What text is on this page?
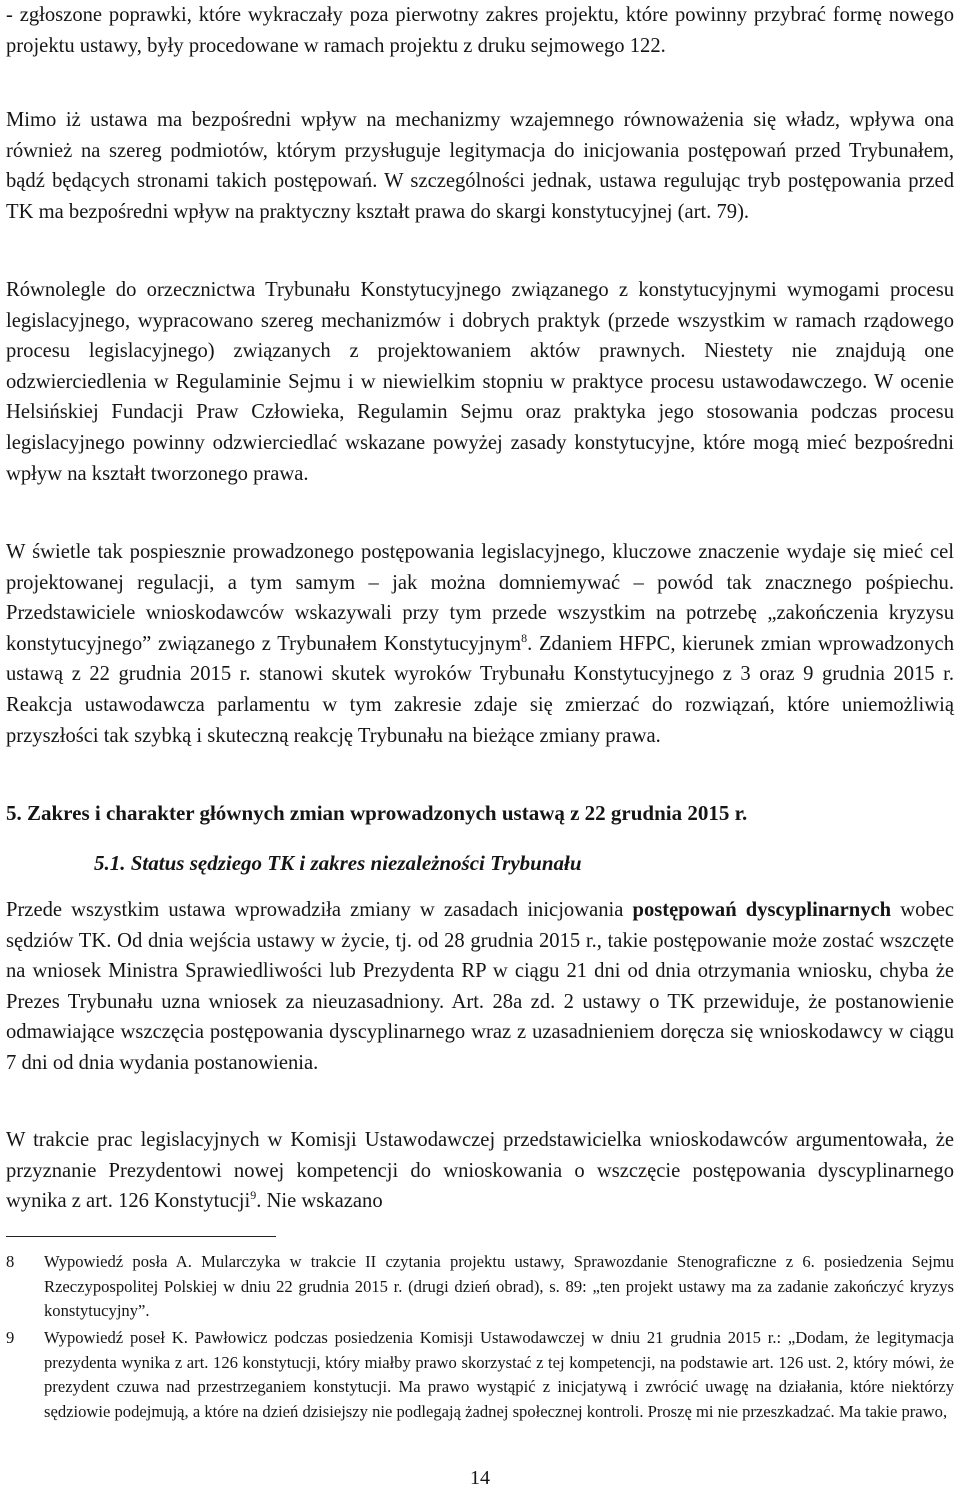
- zgłoszone poprawki, które wykraczały poza pierwotny zakres projektu, które powinny przybrać formę nowego projektu ustawy, były procedowane w ramach projektu z druku sejmowego 122.
Mimo iż ustawa ma bezpośredni wpływ na mechanizmy wzajemnego równoważenia się władz, wpływa ona również na szereg podmiotów, którym przysługuje legitymacja do inicjowania postępowań przed Trybunałem, bądź będących stronami takich postępowań. W szczególności jednak, ustawa regulując tryb postępowania przed TK ma bezpośredni wpływ na praktyczny kształt prawa do skargi konstytucyjnej (art. 79).
Równolegle do orzecznictwa Trybunału Konstytucyjnego związanego z konstytucyjnymi wymogami procesu legislacyjnego, wypracowano szereg mechanizmów i dobrych praktyk (przede wszystkim w ramach rządowego procesu legislacyjnego) związanych z projektowaniem aktów prawnych. Niestety nie znajdują one odzwierciedlenia w Regulaminie Sejmu i w niewielkim stopniu w praktyce procesu ustawodawczego. W ocenie Helsińskiej Fundacji Praw Człowieka, Regulamin Sejmu oraz praktyka jego stosowania podczas procesu legislacyjnego powinny odzwierciedlać wskazane powyżej zasady konstytucyjne, które mogą mieć bezpośredni wpływ na kształt tworzonego prawa.
W świetle tak pospiesznie prowadzonego postępowania legislacyjnego, kluczowe znaczenie wydaje się mieć cel projektowanej regulacji, a tym samym – jak można domniemywać – powód tak znacznego pośpiechu. Przedstawiciele wnioskodawców wskazywali przy tym przede wszystkim na potrzebę „zakończenia kryzysu konstytucyjnego” związanego z Trybunałem Konstytucyjnym$^8$. Zdaniem HFPC, kierunek zmian wprowadzonych ustawą z 22 grudnia 2015 r. stanowi skutek wyroków Trybunału Konstytucyjnego z 3 oraz 9 grudnia 2015 r. Reakcja ustawodawcza parlamentu w tym zakresie zdaje się zmierzać do rozwiązań, które uniemożliwią przyszłości tak szybką i skuteczną reakcję Trybunału na bieżące zmiany prawa.
5. Zakres i charakter głównych zmian wprowadzonych ustawą z 22 grudnia 2015 r.
5.1. Status sędziego TK i zakres niezależności Trybunału
Przede wszystkim ustawa wprowadziła zmiany w zasadach inicjowania postępowań dyscyplinarnych wobec sędziów TK. Od dnia wejścia ustawy w życie, tj. od 28 grudnia 2015 r., takie postępowanie może zostać wszczęte na wniosek Ministra Sprawiedliwości lub Prezydenta RP w ciągu 21 dni od dnia otrzymania wniosku, chyba że Prezes Trybunału uzna wniosek za nieuzasadniony. Art. 28a zd. 2 ustawy o TK przewiduje, że postanowienie odmawiające wszczęcia postępowania dyscyplinarnego wraz z uzasadnieniem doręcza się wnioskodawcy w ciągu 7 dni od dnia wydania postanowienia.
W trakcie prac legislacyjnych w Komisji Ustawodawczej przedstawicielka wnioskodawców argumentowała, że przyznanie Prezydentowi nowej kompetencji do wnioskowania o wszczęcie postępowania dyscyplinarnego wynika z art. 126 Konstytucji$^9$. Nie wskazano
8	Wypowiedź posła A. Mularczyka w trakcie II czytania projektu ustawy, Sprawozdanie Stenograficzne z 6. posiedzenia Sejmu Rzeczypospolitej Polskiej w dniu 22 grudnia 2015 r. (drugi dzień obrad), s. 89: „ten projekt ustawy ma za zadanie zakończyć kryzys konstytucyjny”.
9	Wypowiedź poseł K. Pawłowicz podczas posiedzenia Komisji Ustawodawczej w dniu 21 grudnia 2015 r.: „Dodam, że legitymacja prezydenta wynika z art. 126 konstytucji, który miałby prawo skorzystać z tej kompetencji, na podstawie art. 126 ust. 2, który mówi, że prezydent czuwa nad przestrzeganiem konstytucji. Ma prawo wystąpić z inicjatywą i zwrócić uwagę na działania, które niektórzy sędziowie podejmują, a które na dzień dzisiejszy nie podlegają żadnej społecznej kontroli. Proszę mi nie przeszkadzać. Ma takie prawo,
14
